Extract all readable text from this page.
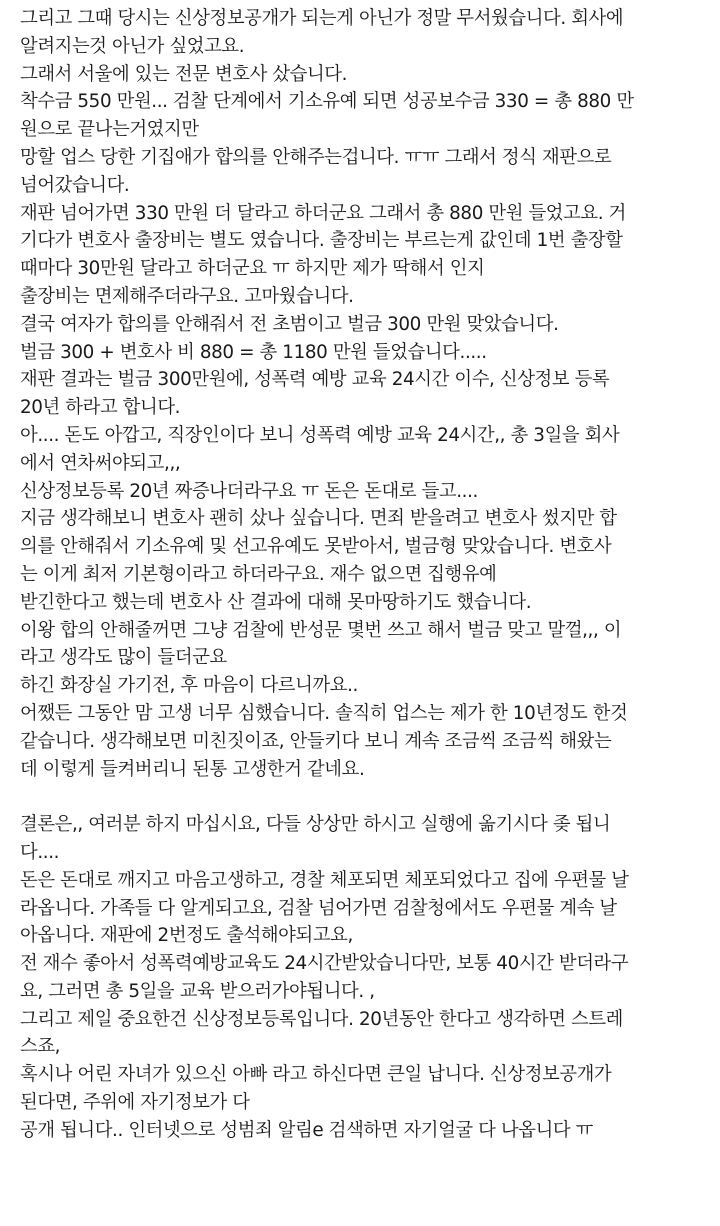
그리고 그때 당시는 신상정보공개가 되는게 아닌가 정말 무서웠습니다. 회사에
알려지는것 아닌가 싶었고요.
그래서 서울에 있는 전문 변호사 샀습니다.
착수금 550 만원... 검찰 단계에서 기소유예 되면 성공보수금 330 = 총 880 만
원으로 끝나는거였지만
망할 업스 당한 기집애가 합의를 안해주는겁니다. ㅠㅠ 그래서 정식 재판으로
넘어갔습니다.
재판 넘어가면 330 만원 더 달라고 하더군요 그래서 총 880 만원 들었고요. 거
기다가 변호사 출장비는 별도 였습니다. 출장비는 부르는게 값인데 1번 출장할
때마다 30만원 달라고 하더군요 ㅠ 하지만 제가 딱해서 인지
출장비는 면제해주더라구요. 고마웠습니다.
결국 여자가 합의를 안해줘서 전 초범이고 벌금 300 만원 맞았습니다.
벌금 300 + 변호사 비 880 = 총 1180 만원 들었습니다.....
재판 결과는 벌금 300만원에, 성폭력 예방 교육 24시간 이수, 신상정보 등록
20년 하라고 합니다.
아.... 돈도 아깝고, 직장인이다 보니 성폭력 예방 교육 24시간,, 총 3일을 회사
에서 연차써야되고,,,
신상정보등록 20년 짜증나더라구요 ㅠ 돈은 돈대로 들고....
지금 생각해보니 변호사 괜히 샀나 싶습니다. 면죄 받을려고 변호사 썼지만 합
의를 안해줘서 기소유예 및 선고유예도 못받아서, 벌금형 맞았습니다. 변호사
는 이게 최저 기본형이라고 하더라구요. 재수 없으면 집행유예
받긴한다고 했는데 변호사 산 결과에 대해 못마땅하기도 했습니다.
이왕 합의 안해줄꺼면 그냥 검찰에 반성문 몇번 쓰고 해서 벌금 맞고 말껄,,, 이
라고 생각도 많이 들더군요
하긴 화장실 가기전, 후 마음이 다르니까요..
어쨌든 그동안 맘 고생 너무 심했습니다. 솔직히 업스는 제가 한 10년정도 한것
같습니다. 생각해보면 미친짓이죠, 안들키다 보니 계속 조금씩 조금씩 해왔는
데 이렇게 들켜버리니 된통 고생한거 같네요.
결론은,, 여러분 하지 마십시요, 다들 상상만 하시고 실행에 옮기시다 좆 됩니
다....
돈은 돈대로 깨지고 마음고생하고, 경찰 체포되면 체포되었다고 집에 우편물 날
라옵니다. 가족들 다 알게되고요, 검찰 넘어가면 검찰청에서도 우편물 계속 날
아옵니다. 재판에 2번정도 출석해야되고요,
전 재수 좋아서 성폭력예방교육도 24시간받았습니다만, 보통 40시간 받더라구
요, 그러면 총 5일을 교육 받으러가야됩니다. ,
그리고 제일 중요한건 신상정보등록입니다. 20년동안 한다고 생각하면 스트레
스죠,
혹시나 어린 자녀가 있으신 아빠 라고 하신다면 큰일 납니다. 신상정보공개가
된다면, 주위에 자기정보가 다
공개 됩니다.. 인터넷으로 성범죄 알림e 검색하면 자기얼굴 다 나옵니다 ㅠ
